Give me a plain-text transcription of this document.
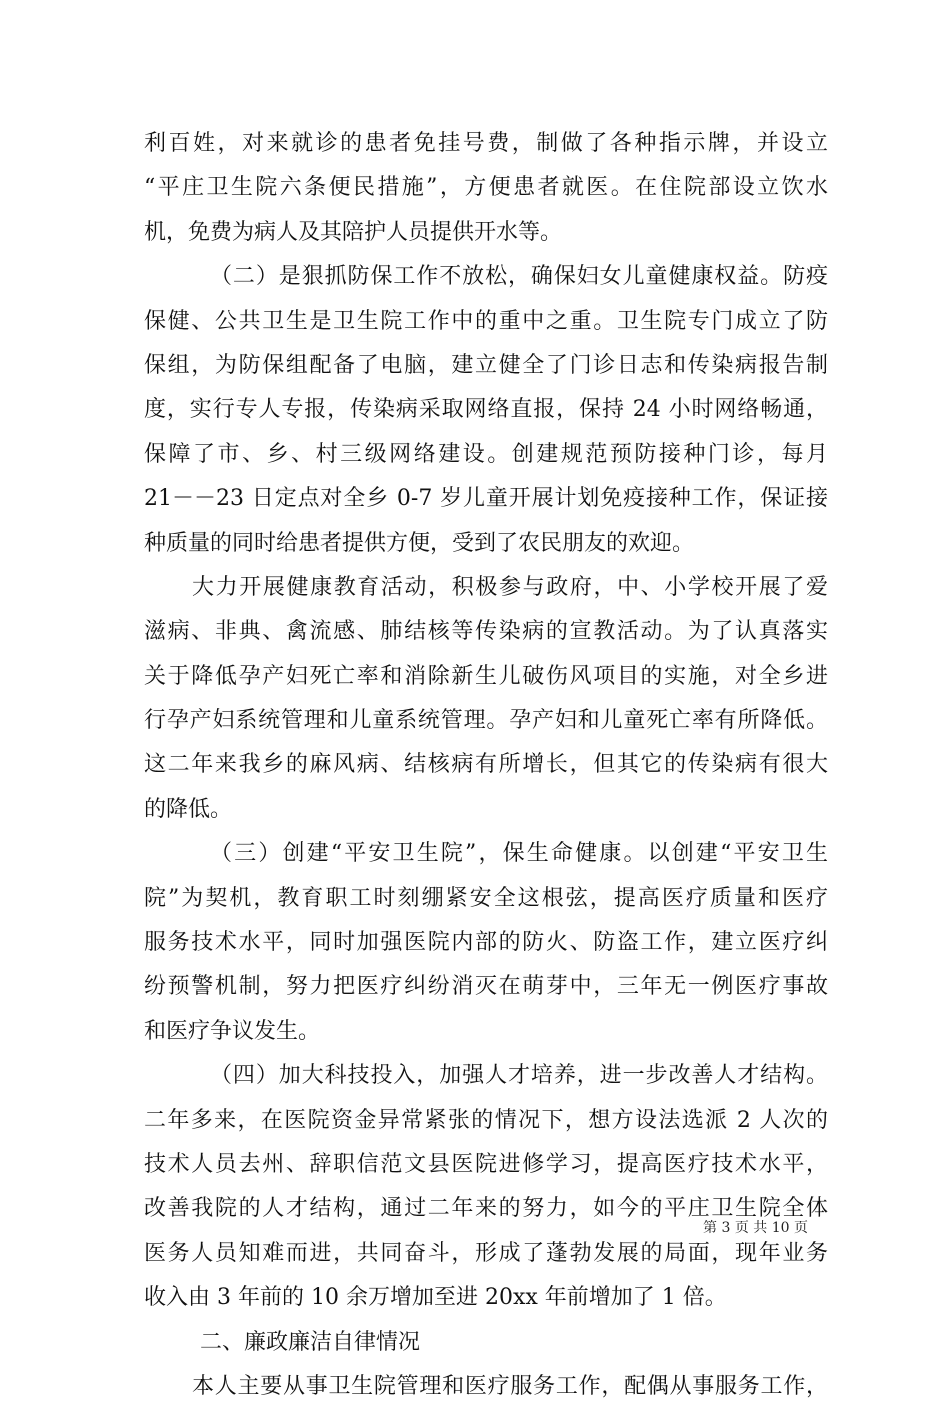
利百姓，对来就诊的患者免挂号费，制做了各种指示牌，并设立
“平庄卫生院六条便民措施”，方便患者就医。在住院部设立饮水
机，免费为病人及其陪护人员提供开水等。
（二）是狠抓防保工作不放松，确保妇女儿童健康权益。防疫
保健、公共卫生是卫生院工作中的重中之重。卫生院专门成立了防
保组，为防保组配备了电脑，建立健全了门诊日志和传染病报告制
度，实行专人专报，传染病采取网络直报，保持 24 小时网络畅通，
保障了市、乡、村三级网络建设。创建规范预防接种门诊，每月
21－－23 日定点对全乡 0-7 岁儿童开展计划免疫接种工作，保证接
种质量的同时给患者提供方便，受到了农民朋友的欢迎。
大力开展健康教育活动，积极参与政府，中、小学校开展了爱
滋病、非典、禽流感、肺结核等传染病的宣教活动。为了认真落实
关于降低孕产妇死亡率和消除新生儿破伤风项目的实施，对全乡进
行孕产妇系统管理和儿童系统管理。孕产妇和儿童死亡率有所降低。
这二年来我乡的麻风病、结核病有所增长，但其它的传染病有很大
的降低。
（三）创建“平安卫生院”，保生命健康。以创建“平安卫生
院”为契机，教育职工时刻绷紧安全这根弦，提高医疗质量和医疗
服务技术水平，同时加强医院内部的防火、防盗工作，建立医疗纠
纷预警机制，努力把医疗纠纷消灭在萌芽中，三年无一例医疗事故
和医疗争议发生。
（四）加大科技投入，加强人才培养，进一步改善人才结构。
二年多来，在医院资金异常紧张的情况下，想方设法选派 2 人次的
技术人员去州、辞职信范文县医院进修学习，提高医疗技术水平，
改善我院的人才结构，通过二年来的努力，如今的平庄卫生院全体
医务人员知难而进，共同奋斗，形成了蓬勃发展的局面，现年业务
收入由 3 年前的 10 余万增加至进 20xx 年前增加了 1 倍。
二、廉政廉洁自律情况
本人主要从事卫生院管理和医疗服务工作，配偶从事服务工作，
第 3 页 共 10 页
